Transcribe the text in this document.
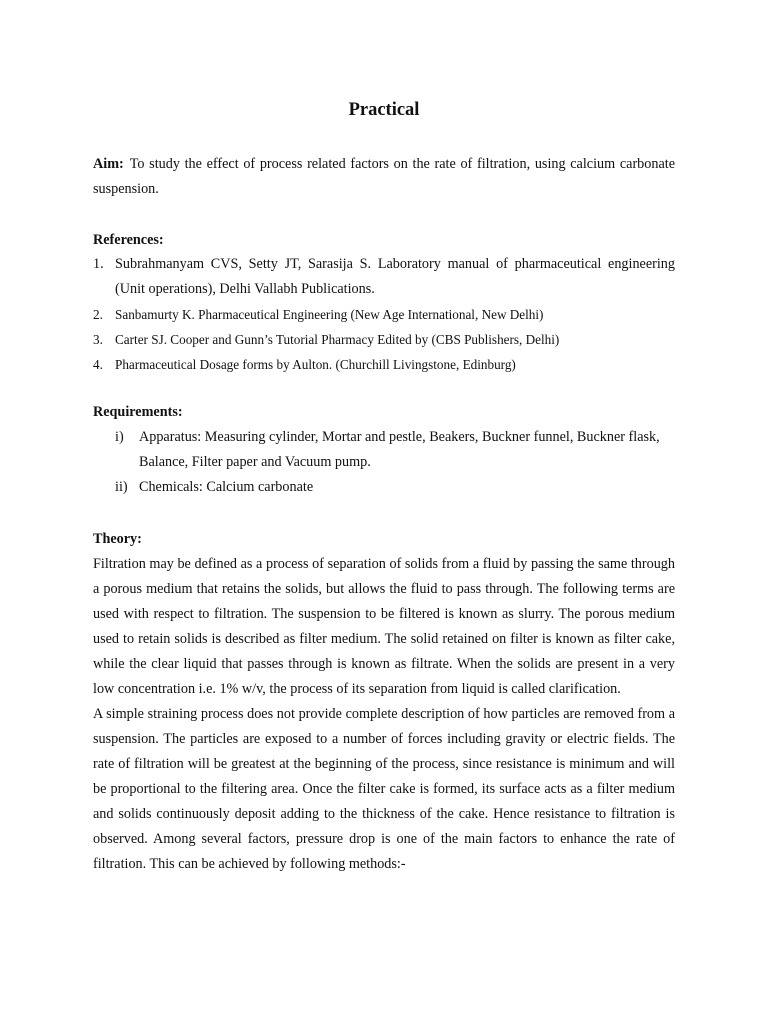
Practical
Aim: To study the effect of process related factors on the rate of filtration, using calcium carbonate suspension.
References:
1. Subrahmanyam CVS, Setty JT, Sarasija S. Laboratory manual of pharmaceutical engineering (Unit operations), Delhi Vallabh Publications.
2. Sanbamurty K. Pharmaceutical Engineering (New Age International, New Delhi)
3. Carter SJ. Cooper and Gunn’s Tutorial Pharmacy Edited by (CBS Publishers, Delhi)
4. Pharmaceutical Dosage forms by Aulton. (Churchill Livingstone, Edinburg)
Requirements:
i) Apparatus: Measuring cylinder, Mortar and pestle, Beakers, Buckner funnel, Buckner flask, Balance, Filter paper and Vacuum pump.
ii) Chemicals: Calcium carbonate
Theory:

Filtration may be defined as a process of separation of solids from a fluid by passing the same through a porous medium that retains the solids, but allows the fluid to pass through. The following terms are used with respect to filtration. The suspension to be filtered is known as slurry. The porous medium used to retain solids is described as filter medium. The solid retained on filter is known as filter cake, while the clear liquid that passes through is known as filtrate. When the solids are present in a very low concentration i.e. 1% w/v, the process of its separation from liquid is called clarification.

A simple straining process does not provide complete description of how particles are removed from a suspension. The particles are exposed to a number of forces including gravity or electric fields. The rate of filtration will be greatest at the beginning of the process, since resistance is minimum and will be proportional to the filtering area. Once the filter cake is formed, its surface acts as a filter medium and solids continuously deposit adding to the thickness of the cake. Hence resistance to filtration is observed. Among several factors, pressure drop is one of the main factors to enhance the rate of filtration. This can be achieved by following methods:-
